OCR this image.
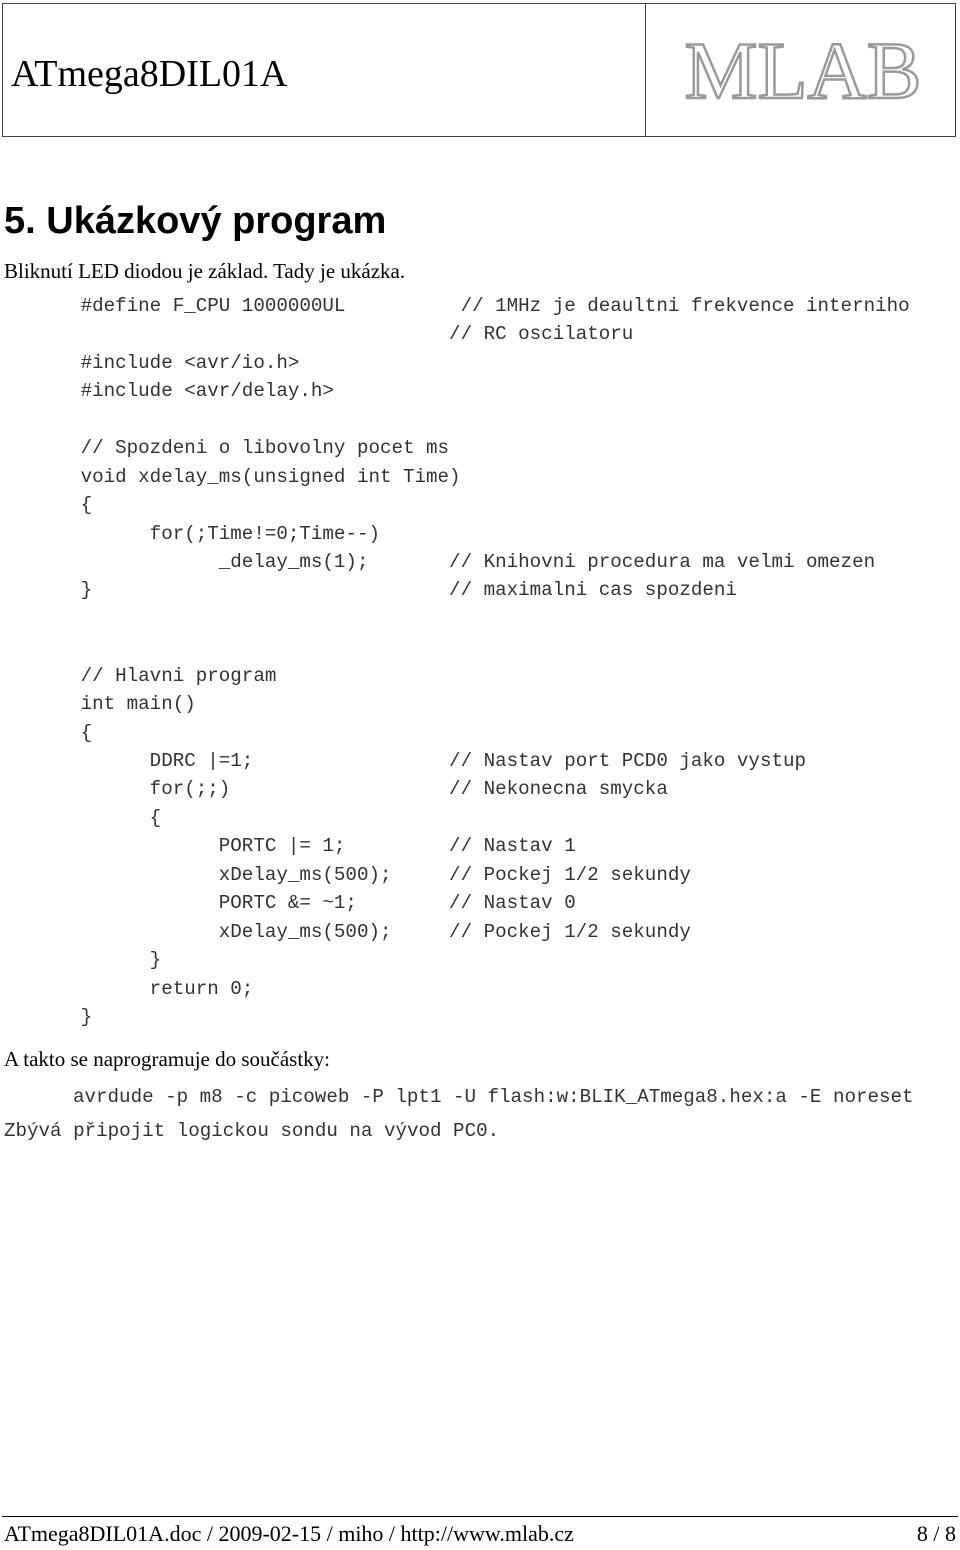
ATmega8DIL01A	MLAB
5. Ukázkový program
Bliknutí LED diodou je základ. Tady je ukázka.
#define F_CPU 1000000UL          // 1MHz je deaultni frekvence interniho
// RC oscilatoru
#include <avr/io.h>
#include <avr/delay.h>
// Spozdeni o libovolny pocet ms
void xdelay_ms(unsigned int Time)
{
for(;Time!=0;Time--)
_delay_ms(1);       // Knihovni procedura ma velmi omezen
}                               // maximalni cas spozdeni
// Hlavni program
int main()
{
DDRC |=1;                 // Nastav port PCD0 jako vystup
for(;;)                   // Nekonecna smycka
{
PORTC |= 1;         // Nastav 1
xDelay_ms(500);     // Pockej 1/2 sekundy
PORTC &= ~1;        // Nastav 0
xDelay_ms(500);     // Pockej 1/2 sekundy
}
return 0;
}
A takto se naprogramuje do součástky:
avrdude -p m8 -c picoweb -P lpt1 -U flash:w:BLIK_ATmega8.hex:a -E noreset
Zbývá připojit logickou sondu na vývod PC0.
ATmega8DIL01A.doc / 2009-02-15 / miho / http://www.mlab.cz	8 / 8
